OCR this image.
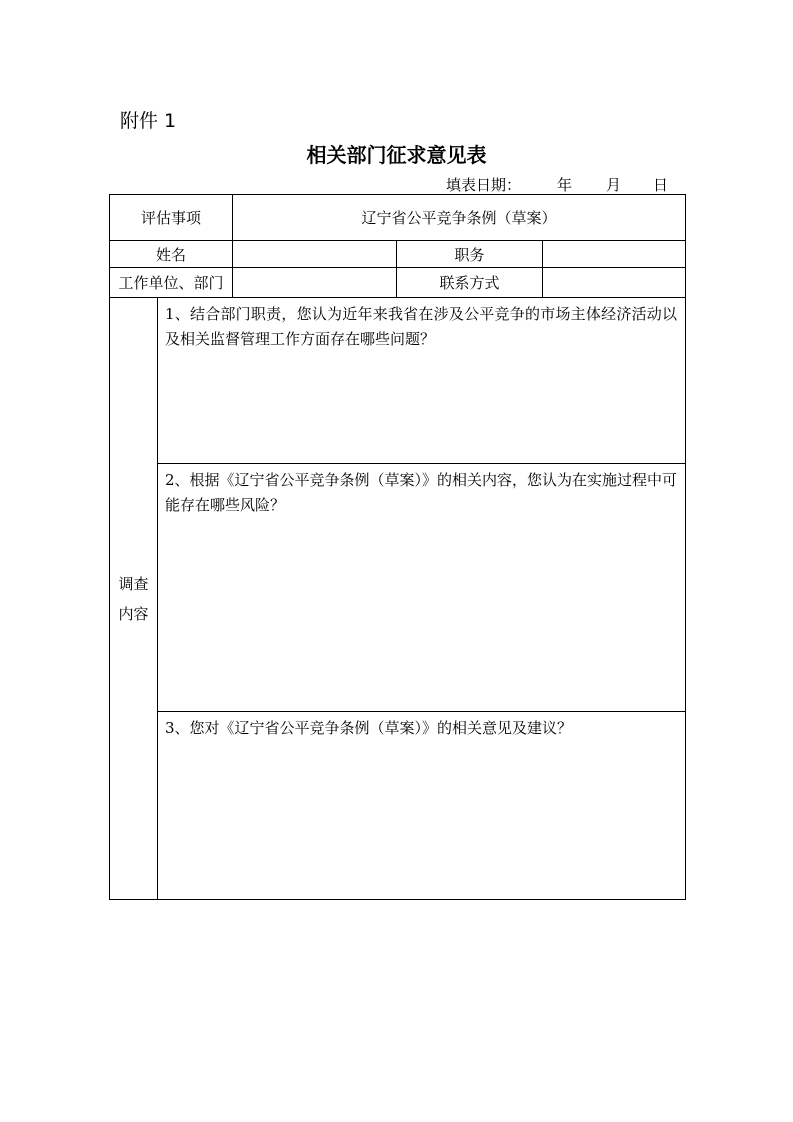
附件 1
相关部门征求意见表
填表日期： 年 月 日
评估事项		辽宁省公平竞争条例（草案）		
姓名			职务	
工作单位、部门			联系方式	

调查
内容	1、结合部门职责，您认为近年来我省在涉及公平竞争的市场主体经济活动以及相关监督管理工作方面存在哪些问题？			
	2、根据《辽宁省公平竞争条例（草案）》的相关内容，您认为在实施过程中可能存在哪些风险？			
	3、您对《辽宁省公平竞争条例（草案）》的相关意见及建议？			
